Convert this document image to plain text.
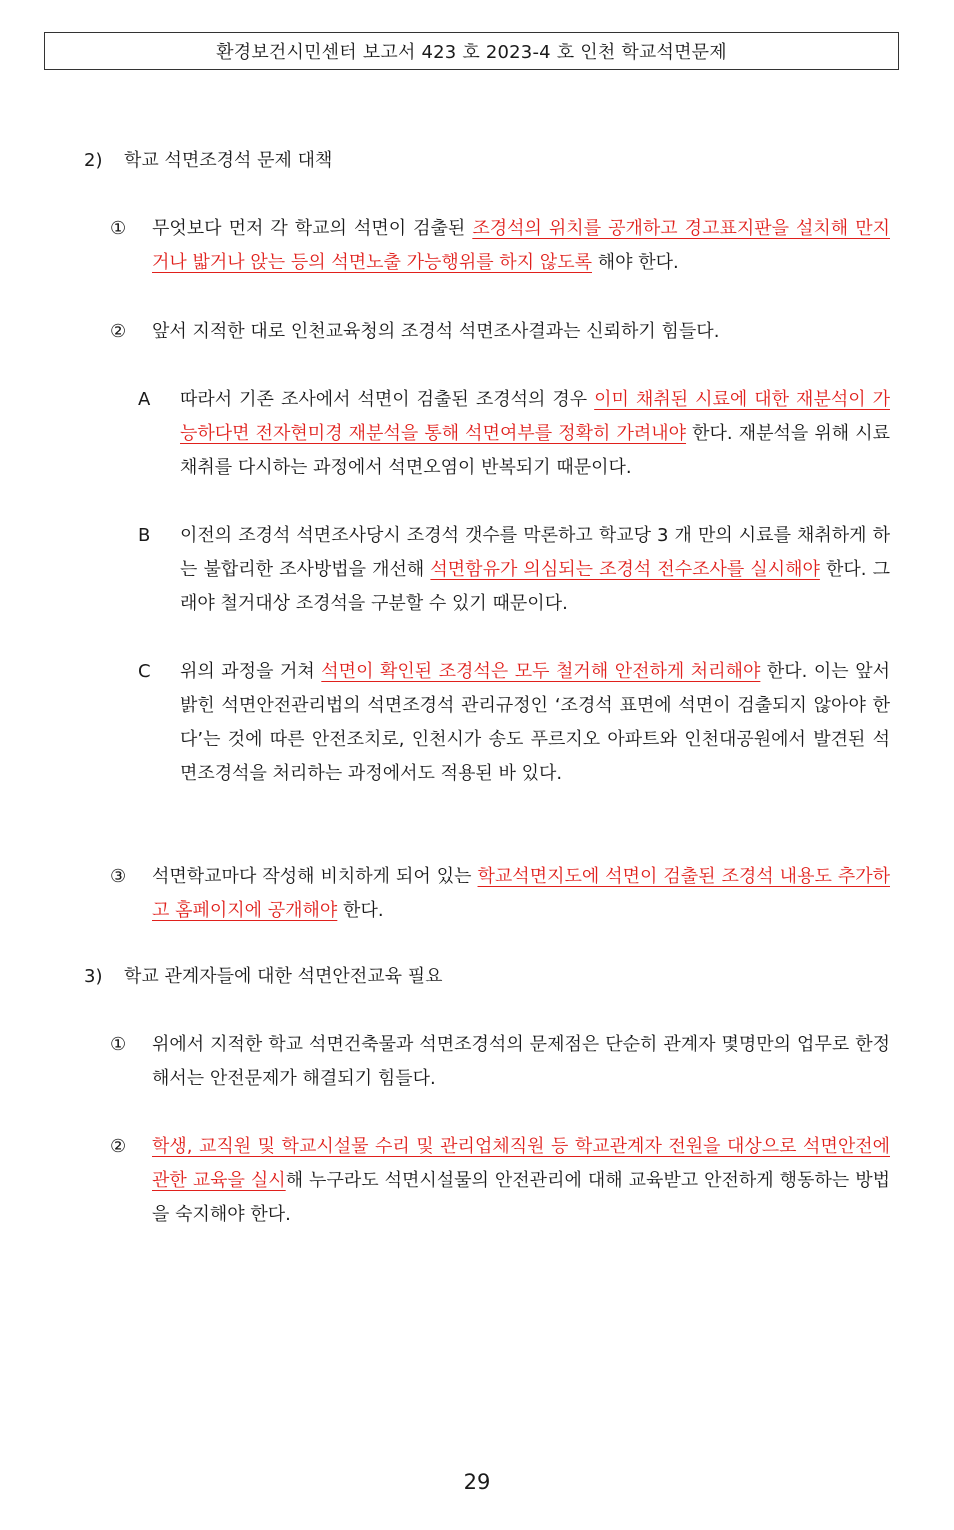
환경보건시민센터 보고서 423 호 2023-4 호 인천 학교석면문제
2) 학교 석면조경석 문제 대책
①	무엇보다 먼저 각 학교의 석면이 검출된 조경석의 위치를 공개하고 경고표지판을 설치해 만지거나 밟거나 앉는 등의 석면노출 가능행위를 하지 않도록 해야 한다.
②	앞서 지적한 대로 인천교육청의 조경석 석면조사결과는 신뢰하기 힘들다.
A	따라서 기존 조사에서 석면이 검출된 조경석의 경우 이미 채취된 시료에 대한 재분석이 가능하다면 전자현미경 재분석을 통해 석면여부를 정확히 가려내야 한다. 재분석을 위해 시료채취를 다시하는 과정에서 석면오염이 반복되기 때문이다.
B	이전의 조경석 석면조사당시 조경석 갯수를 막론하고 학교당 3 개 만의 시료를 채취하게 하는 불합리한 조사방법을 개선해 석면함유가 의심되는 조경석 전수조사를 실시해야 한다. 그래야 철거대상 조경석을 구분할 수 있기 때문이다.
C	위의 과정을 거쳐 석면이 확인된 조경석은 모두 철거해 안전하게 처리해야 한다. 이는 앞서 밝힌 석면안전관리법의 석면조경석 관리규정인 ‘조경석 표면에 석면이 검출되지 않아야 한다’는 것에 따른 안전조치로, 인천시가 송도 푸르지오 아파트와 인천대공원에서 발견된 석면조경석을 처리하는 과정에서도 적용된 바 있다.
③	석면학교마다 작성해 비치하게 되어 있는 학교석면지도에 석면이 검출된 조경석 내용도 추가하고 홈페이지에 공개해야 한다.
3) 학교 관계자들에 대한 석면안전교육 필요
①	위에서 지적한 학교 석면건축물과 석면조경석의 문제점은 단순히 관계자 몇명만의 업무로 한정해서는 안전문제가 해결되기 힘들다.
②	학생, 교직원 및 학교시설물 수리 및 관리업체직원 등 학교관계자 전원을 대상으로 석면안전에 관한 교육을 실시해 누구라도 석면시설물의 안전관리에 대해 교육받고 안전하게 행동하는 방법을 숙지해야 한다.
29
